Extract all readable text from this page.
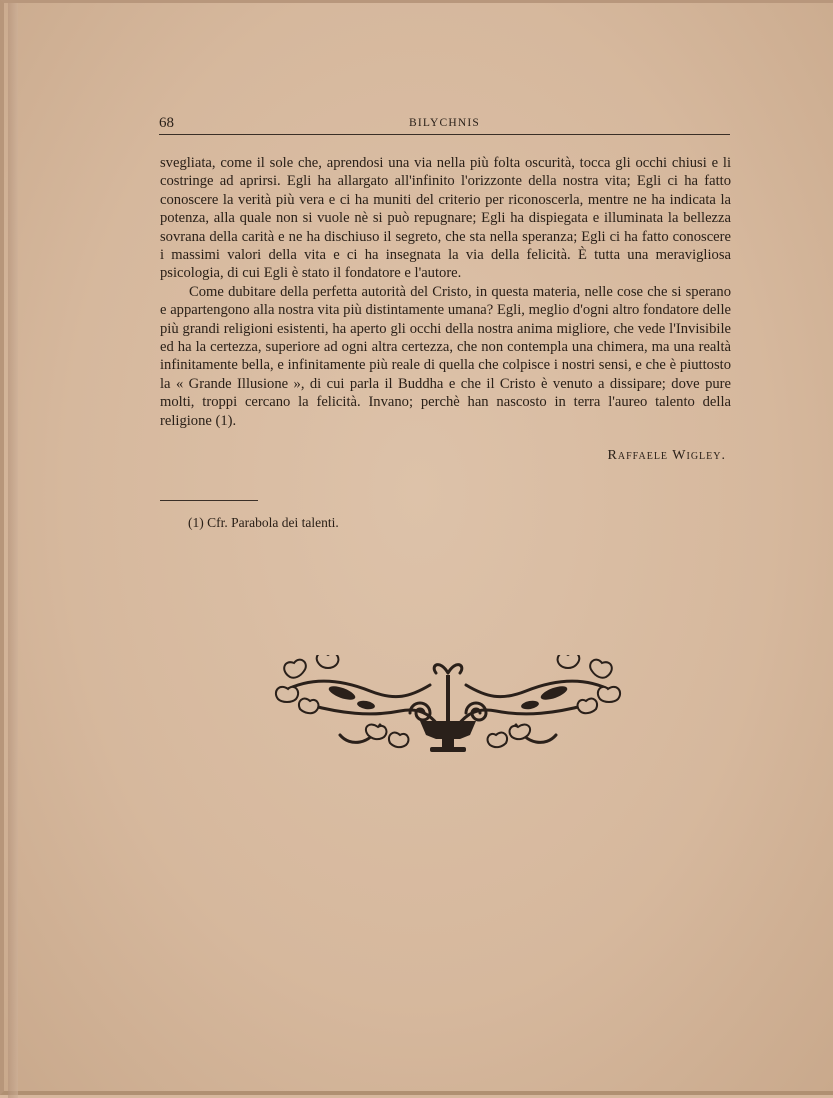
68	BILYCHNIS

svegliata, come il sole che, aprendosi una via nella più folta oscurità, tocca gli occhi chiusi e li costringe ad aprirsi. Egli ha allargato all'infinito l'orizzonte della nostra vita; Egli ci ha fatto conoscere la verità più vera e ci ha muniti del criterio per riconoscerla, mentre ne ha indicata la potenza, alla quale non si vuole nè si può repugnare; Egli ha dispiegata e illuminata la bellezza sovrana della carità e ne ha dischiuso il segreto, che sta nella speranza; Egli ci ha fatto conoscere i massimi valori della vita e ci ha insegnata la via della felicità. È tutta una meravigliosa psicologia, di cui Egli è stato il fondatore e l'autore.

Come dubitare della perfetta autorità del Cristo, in questa materia, nelle cose che si sperano e appartengono alla nostra vita più distintamente umana? Egli, meglio d'ogni altro fondatore delle più grandi religioni esistenti, ha aperto gli occhi della nostra anima migliore, che vede l'Invisibile ed ha la certezza, superiore ad ogni altra certezza, che non contempla una chimera, ma una realtà infinitamente bella, e infinitamente più reale di quella che colpisce i nostri sensi, e che è piuttosto la « Grande Illusione », di cui parla il Buddha e che il Cristo è venuto a dissipare; dove pure molti, troppi cercano la felicità. Invano; perchè han nascosto in terra l'aureo talento della religione (1).

Raffaele Wigley.
(1) Cfr. Parabola dei talenti.
